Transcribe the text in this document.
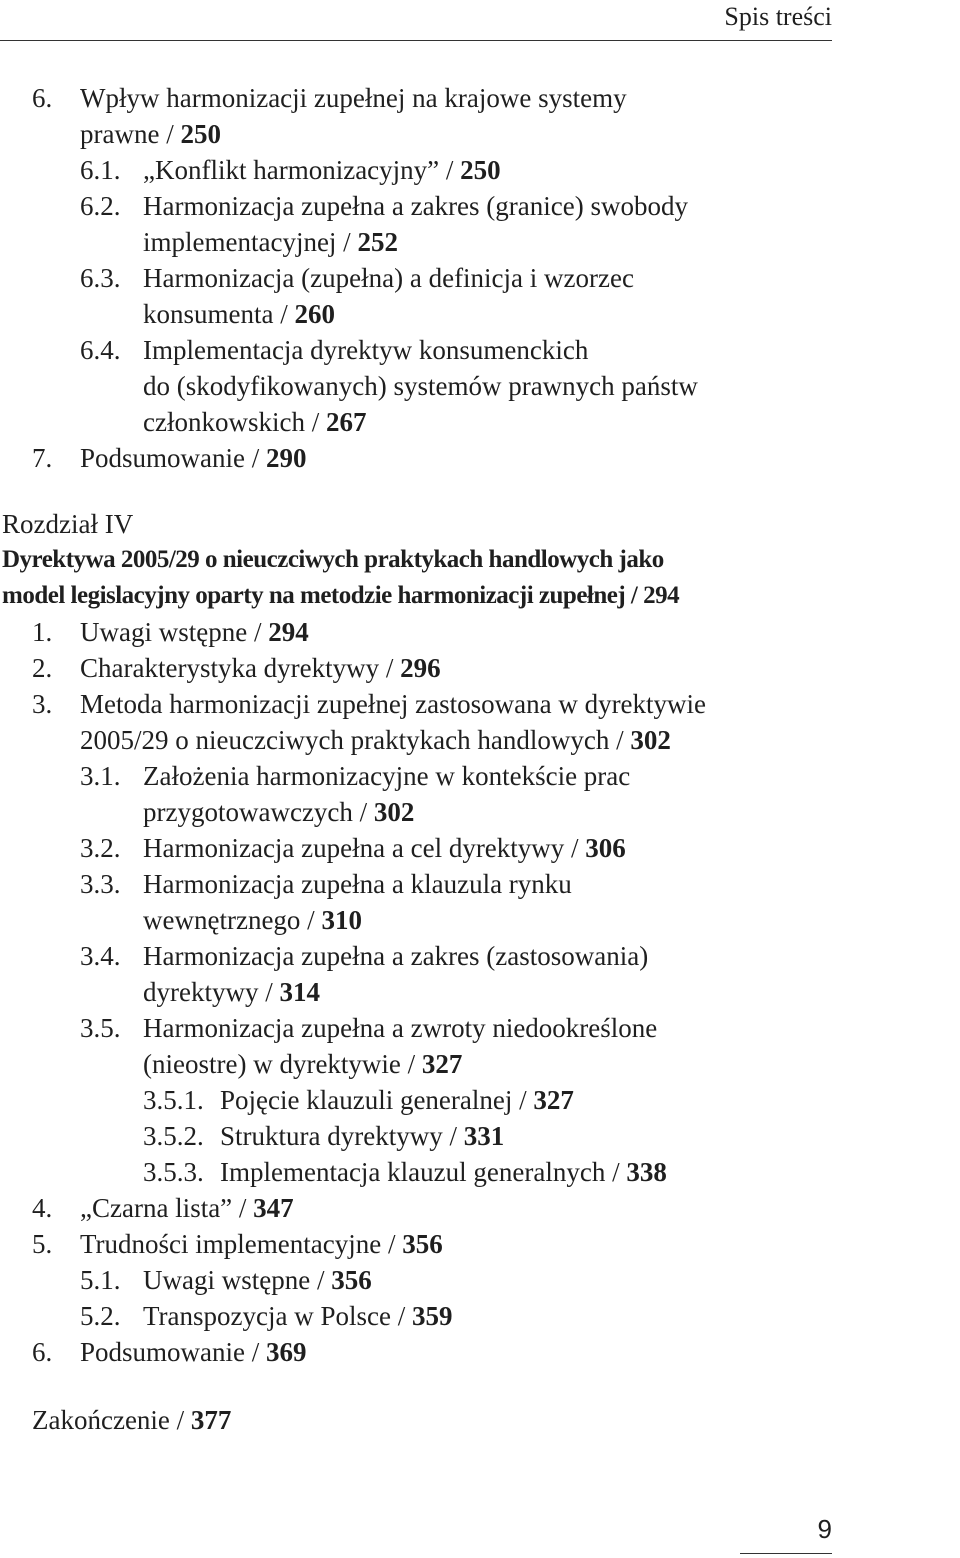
Spis treści
6. Wpływ harmonizacji zupełnej na krajowe systemy
prawne / 250
6.1. „Konflikt harmonizacyjny” / 250
6.2. Harmonizacja zupełna a zakres (granice) swobody
implementacyjnej / 252
6.3. Harmonizacja (zupełna) a definicja i wzorzec
konsumenta / 260
6.4. Implementacja dyrektyw konsumenckich
do (skodyfikowanych) systemów prawnych państw
członkowskich / 267
7. Podsumowanie / 290
Rozdział IV
Dyrektywa 2005/29 o nieuczciwych praktykach handlowych jako
model legislacyjny oparty na metodzie harmonizacji zupełnej / 294
1. Uwagi wstępne / 294
2. Charakterystyka dyrektywy / 296
3. Metoda harmonizacji zupełnej zastosowana w dyrektywie
2005/29 o nieuczciwych praktykach handlowych / 302
3.1. Założenia harmonizacyjne w kontekście prac
przygotowawczych / 302
3.2. Harmonizacja zupełna a cel dyrektywy / 306
3.3. Harmonizacja zupełna a klauzula rynku
wewnętrznego / 310
3.4. Harmonizacja zupełna a zakres (zastosowania)
dyrektywy / 314
3.5. Harmonizacja zupełna a zwroty niedookreślone
(nieostre) w dyrektywie / 327
3.5.1. Pojęcie klauzuli generalnej / 327
3.5.2. Struktura dyrektywy / 331
3.5.3. Implementacja klauzul generalnych / 338
4. „Czarna lista” / 347
5. Trudności implementacyjne / 356
5.1. Uwagi wstępne / 356
5.2. Transpozycja w Polsce / 359
6. Podsumowanie / 369
Zakończenie / 377
9
